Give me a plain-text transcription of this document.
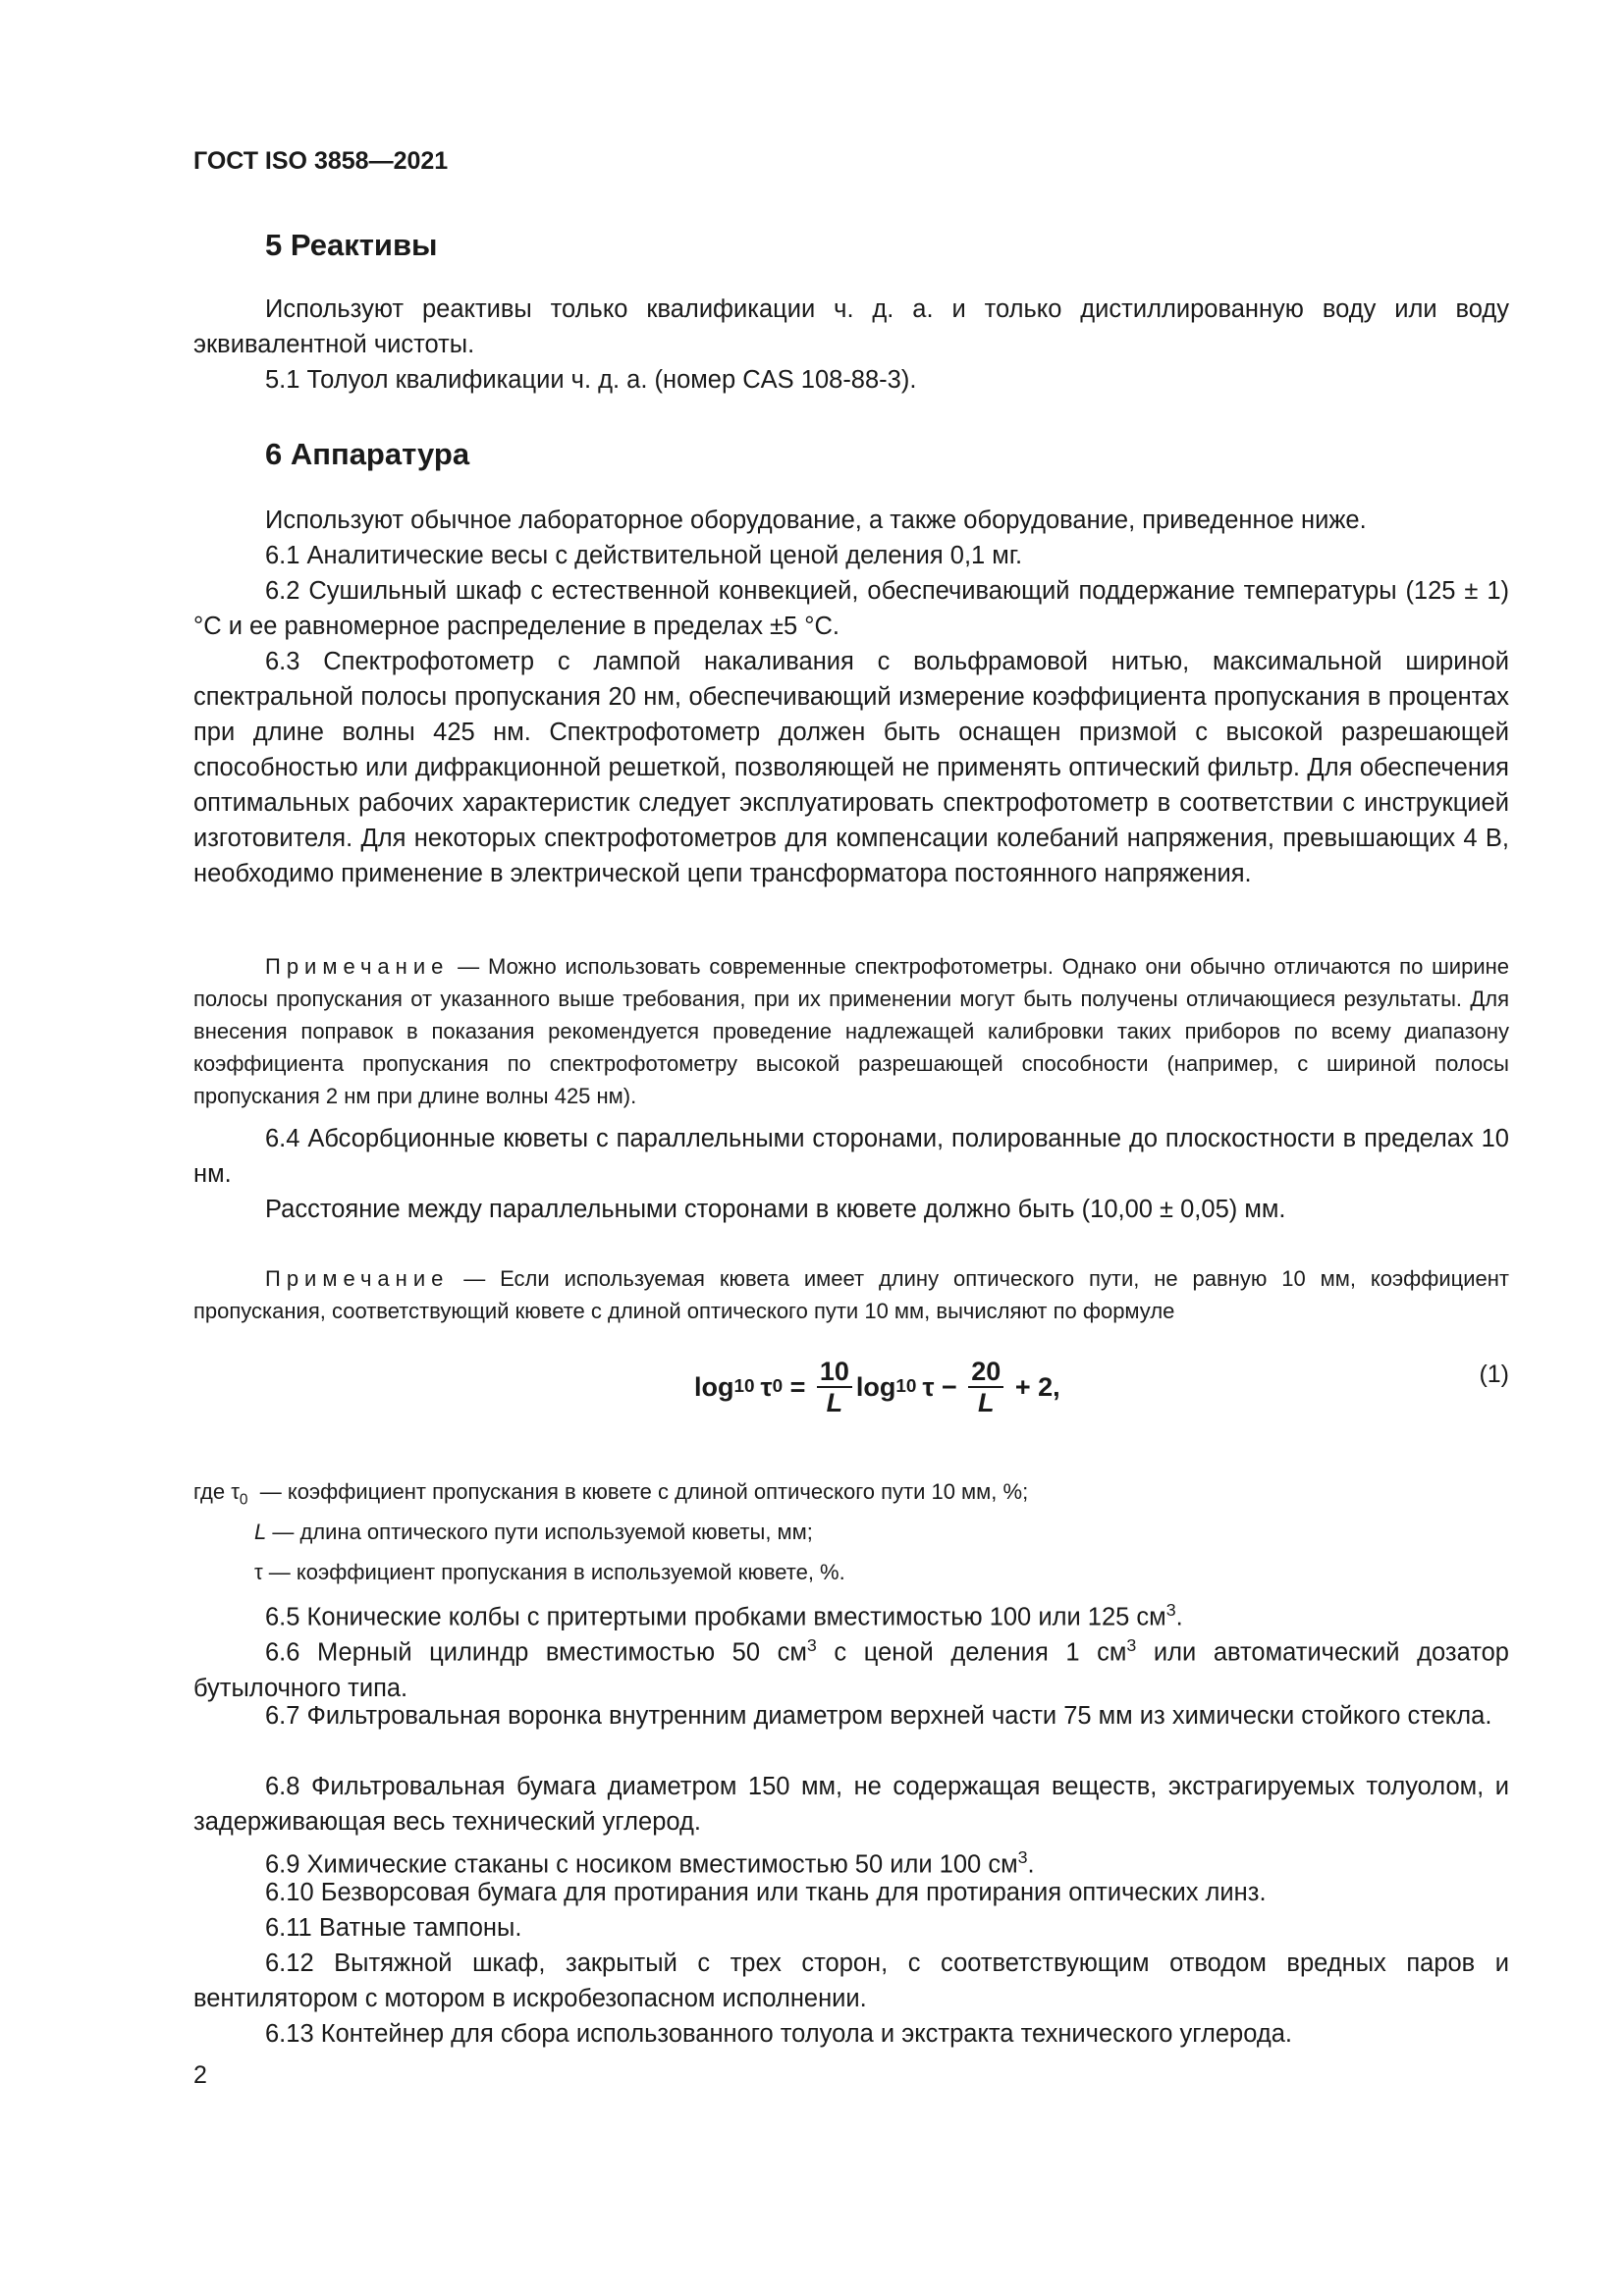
ГОСТ ISO 3858—2021
5 Реактивы
Используют реактивы только квалификации ч. д. а. и только дистиллированную воду или воду эквивалентной чистоты.
5.1 Толуол квалификации ч. д. а. (номер CAS 108-88-3).
6 Аппаратура
Используют обычное лабораторное оборудование, а также оборудование, приведенное ниже.
6.1 Аналитические весы с действительной ценой деления 0,1 мг.
6.2 Сушильный шкаф с естественной конвекцией, обеспечивающий поддержание температуры (125 ± 1) °С и ее равномерное распределение в пределах ±5 °С.
6.3 Спектрофотометр с лампой накаливания с вольфрамовой нитью, максимальной шириной спектральной полосы пропускания 20 нм, обеспечивающий измерение коэффициента пропускания в процентах при длине волны 425 нм. Спектрофотометр должен быть оснащен призмой с высокой разрешающей способностью или дифракционной решеткой, позволяющей не применять оптический фильтр. Для обеспечения оптимальных рабочих характеристик следует эксплуатировать спектрофотометр в соответствии с инструкцией изготовителя. Для некоторых спектрофотометров для компенсации колебаний напряжения, превышающих 4 В, необходимо применение в электрической цепи трансформатора постоянного напряжения.
Примечание — Можно использовать современные спектрофотометры. Однако они обычно отличаются по ширине полосы пропускания от указанного выше требования, при их применении могут быть получены отличающиеся результаты. Для внесения поправок в показания рекомендуется проведение надлежащей калибровки таких приборов по всему диапазону коэффициента пропускания по спектрофотометру высокой разрешающей способности (например, с шириной полосы пропускания 2 нм при длине волны 425 нм).
6.4 Абсорбционные кюветы с параллельными сторонами, полированные до плоскостности в пределах 10 нм.
Расстояние между параллельными сторонами в кювете должно быть (10,00 ± 0,05) мм.
Примечание — Если используемая кювета имеет длину оптического пути, не равную 10 мм, коэффициент пропускания, соответствующий кювете с длиной оптического пути 10 мм, вычисляют по формуле
log 10 τ $0 = \frac{10}{L}$ log 10 $\tau - \frac{20}{L} + 2$,	(1)
где $\tau_0$  — коэффициент пропускания в кювете с длиной оптического пути 10 мм, %;
L — длина оптического пути используемой кюветы, мм;
τ — коэффициент пропускания в используемой кювете, %.
6.5 Конические колбы с притертыми пробками вместимостью 100 или 125 $см^3$.
6.6 Мерный цилиндр вместимостью 50 $см^3$ с ценой деления 1 $см^3$ или автоматический дозатор бутылочного типа.
6.7 Фильтровальная воронка внутренним диаметром верхней части 75 мм из химически стойкого стекла.
6.8 Фильтровальная бумага диаметром 150 мм, не содержащая веществ, экстрагируемых толуолом, и задерживающая весь технический углерод.
6.9 Химические стаканы с носиком вместимостью 50 или 100 $см^3$.
6.10 Безворсовая бумага для протирания или ткань для протирания оптических линз.
6.11 Ватные тампоны.
6.12 Вытяжной шкаф, закрытый с трех сторон, с соответствующим отводом вредных паров и вентилятором с мотором в искробезопасном исполнении.
6.13 Контейнер для сбора использованного толуола и экстракта технического углерода.
2
